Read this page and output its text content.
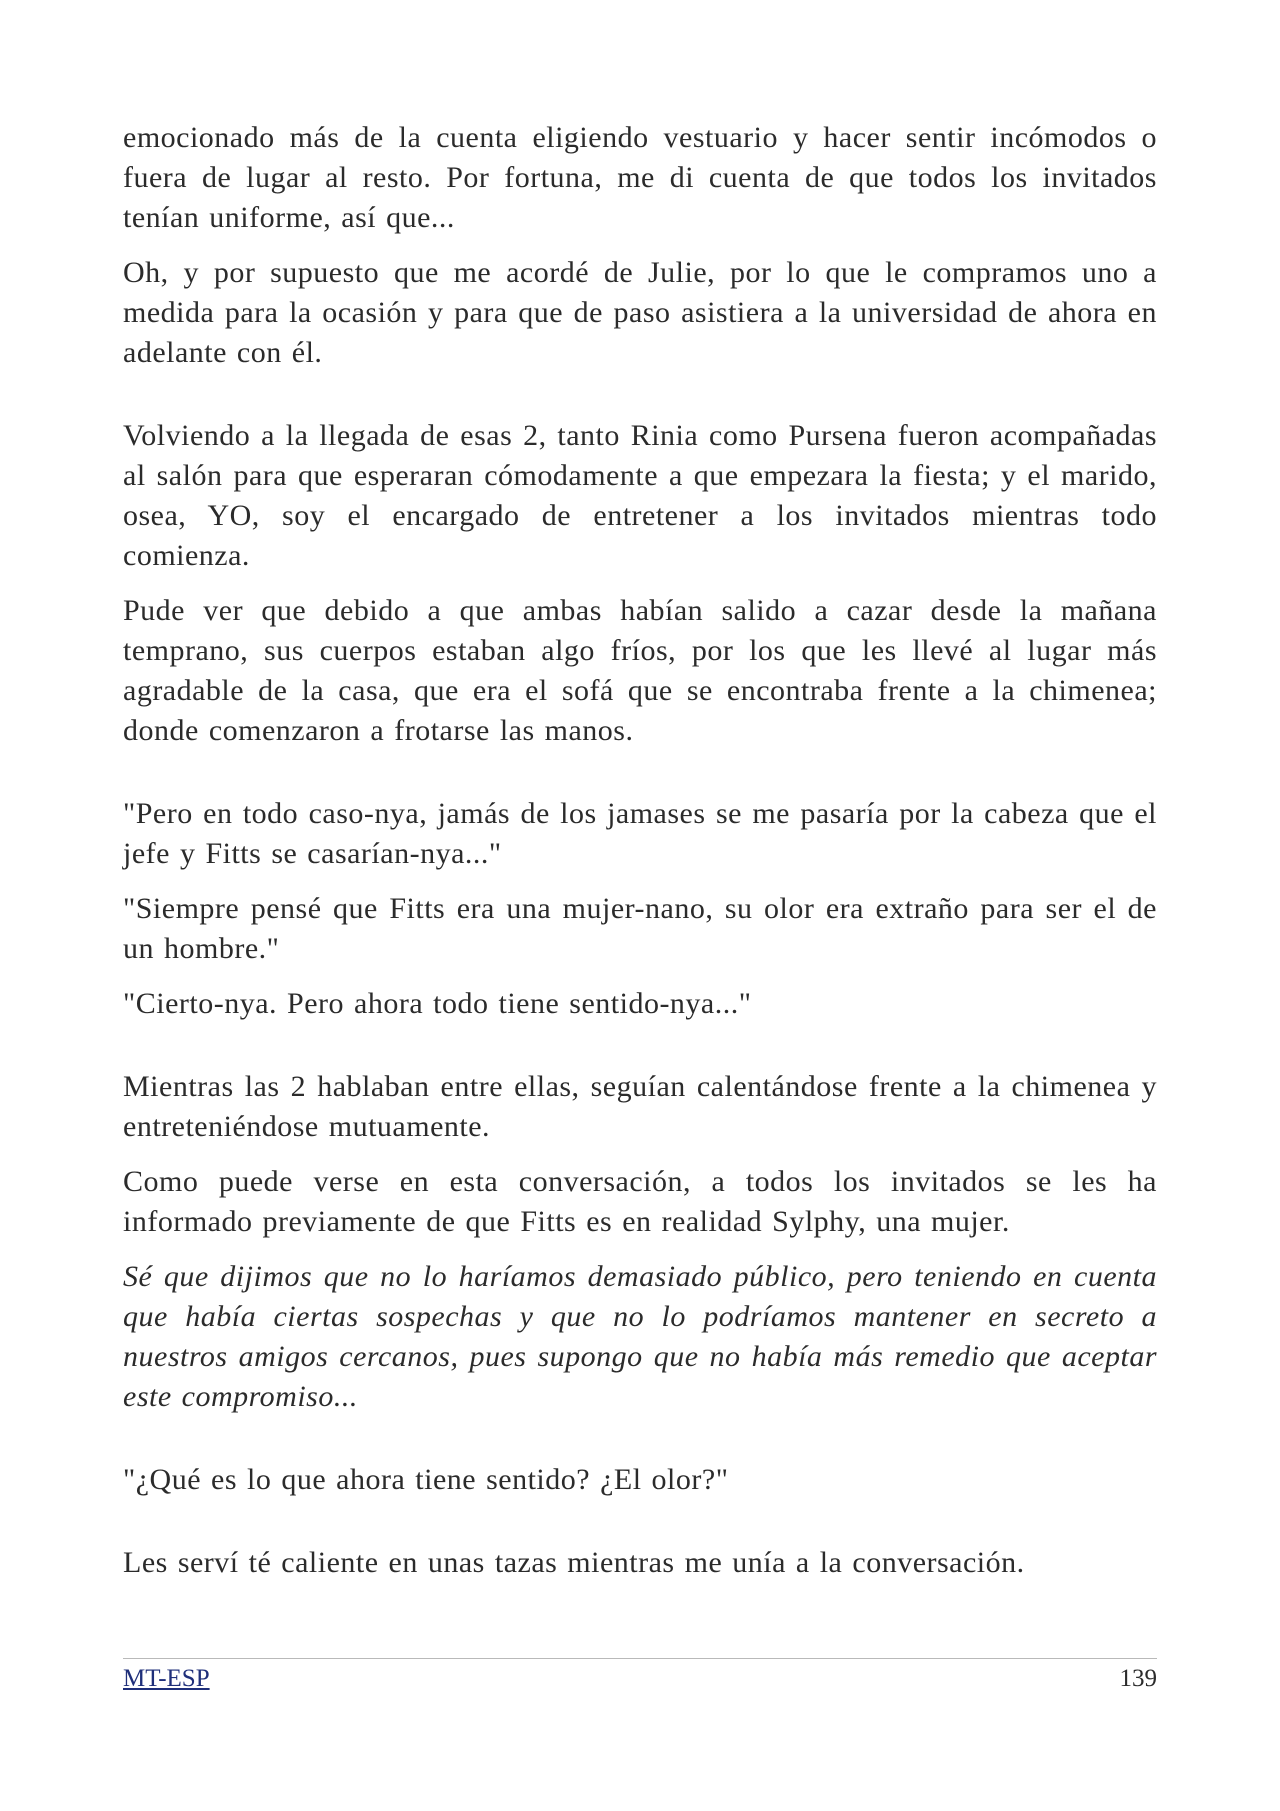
emocionado más de la cuenta eligiendo vestuario y hacer sentir incómodos o fuera de lugar al resto. Por fortuna, me di cuenta de que todos los invitados tenían uniforme, así que...

Oh, y por supuesto que me acordé de Julie, por lo que le compramos uno a medida para la ocasión y para que de paso asistiera a la universidad de ahora en adelante con él.

Volviendo a la llegada de esas 2, tanto Rinia como Pursena fueron acompañadas al salón para que esperaran cómodamente a que empezara la fiesta; y el marido, osea, YO, soy el encargado de entretener a los invitados mientras todo comienza.

Pude ver que debido a que ambas habían salido a cazar desde la mañana temprano, sus cuerpos estaban algo fríos, por los que les llevé al lugar más agradable de la casa, que era el sofá que se encontraba frente a la chimenea; donde comenzaron a frotarse las manos.

"Pero en todo caso-nya, jamás de los jamases se me pasaría por la cabeza que el jefe y Fitts se casarían-nya..."

"Siempre pensé que Fitts era una mujer-nano, su olor era extraño para ser el de un hombre."

"Cierto-nya. Pero ahora todo tiene sentido-nya..."

Mientras las 2 hablaban entre ellas, seguían calentándose frente a la chimenea y entreteniéndose mutuamente.

Como puede verse en esta conversación, a todos los invitados se les ha informado previamente de que Fitts es en realidad Sylphy, una mujer.

Sé que dijimos que no lo haríamos demasiado público, pero teniendo en cuenta que había ciertas sospechas y que no lo podríamos mantener en secreto a nuestros amigos cercanos, pues supongo que no había más remedio que aceptar este compromiso...

"¿Qué es lo que ahora tiene sentido? ¿El olor?"

Les serví té caliente en unas tazas mientras me unía a la conversación.

MT-ESP	139
